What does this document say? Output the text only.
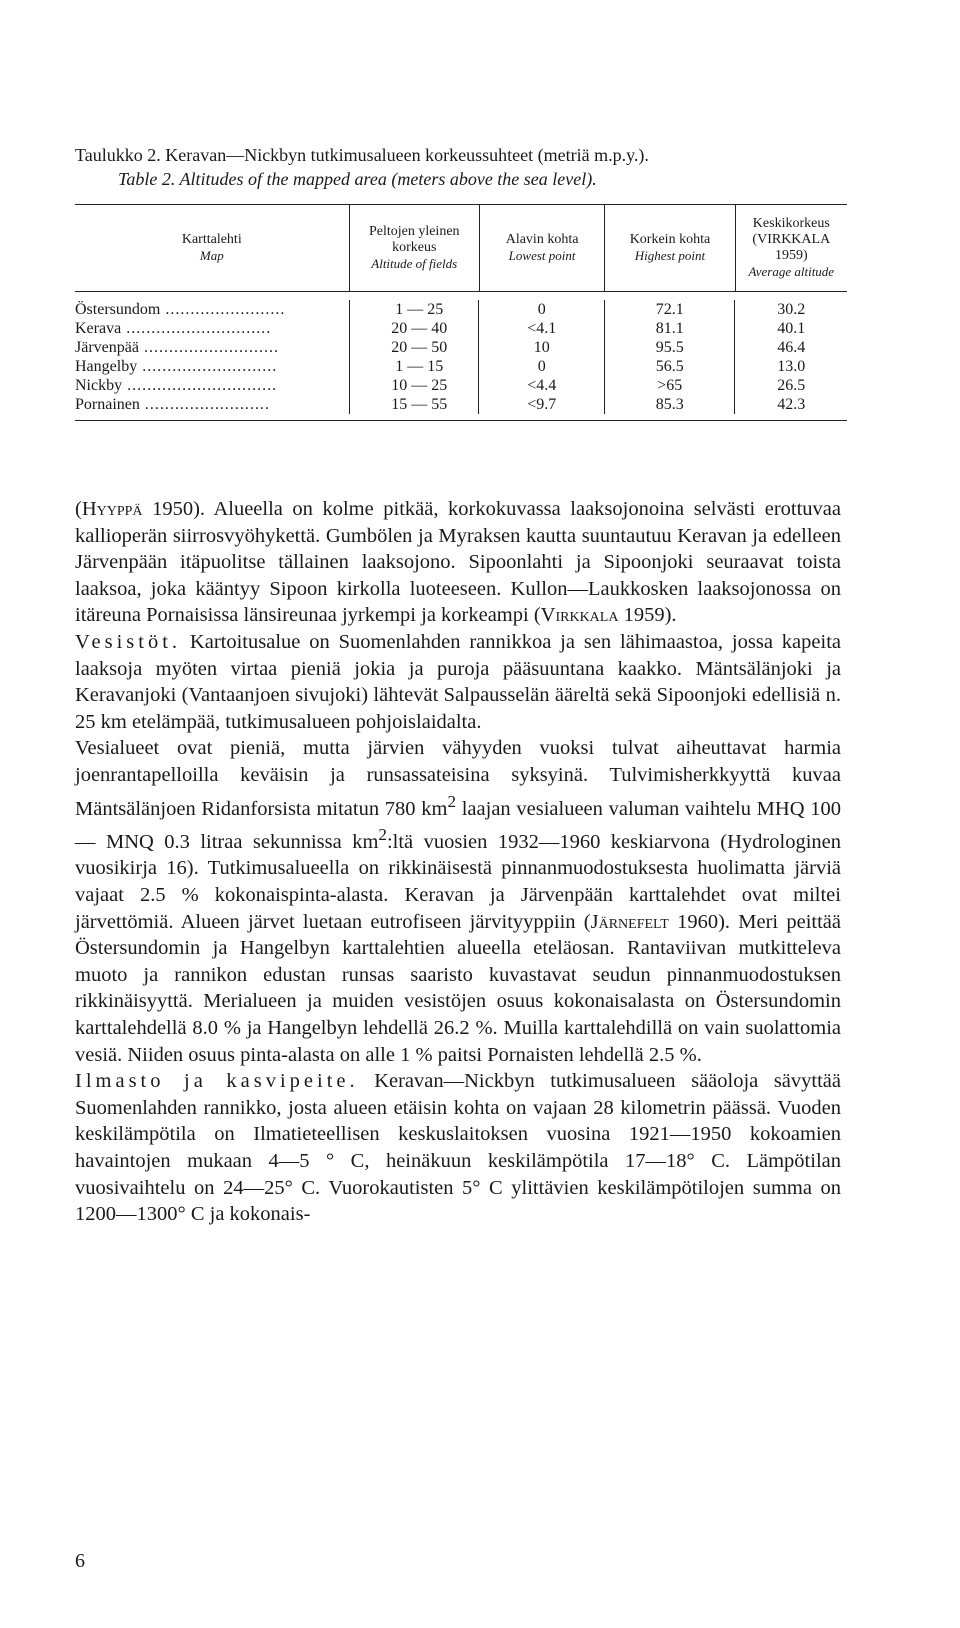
Taulukko 2. Keravan—Nickbyn tutkimusalueen korkeussuhteet (metriä m.p.y.).
Table 2. Altitudes of the mapped area (meters above the sea level).
Karttalehti
Map
Peltojen yleinen korkeus
Altitude of fields
Alavin kohta
Lowest point
Korkein kohta
Highest point
Keskikorkeus (VIRKKALA 1959)
Average altitude
Östersundom ........................
Kerava .............................
Järvenpää ...........................
Hangelby ...........................
Nickby ..............................
Pornainen .........................
1 — 25
20 — 40
20 — 50
1 — 15
10 — 25
15 — 55
0
<4.1
10
0
<4.4
<9.7
72.1
81.1
95.5
56.5
>65
85.3
30.2
40.1
46.4
13.0
26.5
42.3

(Hyyppä 1950). Alueella on kolme pitkää, korkokuvassa laaksojonoina selvästi erottuvaa kallioperän siirrosvyöhykettä. Gumbölen ja Myraksen kautta suuntautuu Keravan ja edelleen Järvenpään itäpuolitse tällainen laaksojono. Sipoonlahti ja Sipoonjoki seuraavat toista laaksoa, joka kääntyy Sipoon kirkolla luoteeseen. Kullon—Laukkosken laaksojonossa on itäreuna Pornaisissa länsireunaa jyrkempi ja korkeampi (Virkkala 1959).

Vesistöt. Kartoitusalue on Suomenlahden rannikkoa ja sen lähimaastoa, jossa kapeita laaksoja myöten virtaa pieniä jokia ja puroja pääsuuntana kaakko. Mäntsälänjoki ja Keravanjoki (Vantaanjoen sivujoki) lähtevät Salpausselän ääreltä sekä Sipoonjoki edellisiä n. 25 km etelämpää, tutkimusalueen pohjoislaidalta.

Vesialueet ovat pieniä, mutta järvien vähyyden vuoksi tulvat aiheuttavat harmia joenrantapelloilla keväisin ja runsassateisina syksyinä. Tulvimisherkkyyttä kuvaa Mäntsälänjoen Ridanforsista mitatun 780 $km^2$ laajan vesialueen valuman vaihtelu MHQ 100 — MNQ 0.3 litraa sekunnissa $km^2:ltä$ vuosien 1932—1960 keskiarvona (Hydrologinen vuosikirja 16). Tutkimusalueella on rikkinäisestä pinnanmuodostuksesta huolimatta järviä vajaat 2.5 % kokonaispinta-alasta. Keravan ja Järvenpään karttalehdet ovat miltei järvettömiä. Alueen järvet luetaan eutrofiseen järvityyppiin (Järnefelt 1960). Meri peittää Östersundomin ja Hangelbyn karttalehtien alueella eteläosan. Rantaviivan mutkitteleva muoto ja rannikon edustan runsas saaristo kuvastavat seudun pinnanmuodostuksen rikkinäisyyttä. Merialueen ja muiden vesistöjen osuus kokonaisalasta on Östersundomin karttalehdellä 8.0 % ja Hangelbyn lehdellä 26.2 %. Muilla karttalehdillä on vain suolattomia vesiä. Niiden osuus pinta-alasta on alle 1 % paitsi Pornaisten lehdellä 2.5 %.

Ilmasto ja kasvipeite. Keravan—Nickbyn tutkimusalueen sääoloja sävyttää Suomenlahden rannikko, josta alueen etäisin kohta on vajaan 28 kilometrin päässä. Vuoden keskilämpötila on Ilmatieteellisen keskuslaitoksen vuosina 1921—1950 kokoamien havaintojen mukaan 4—5 ° C, heinäkuun keskilämpötila 17—18° C. Lämpötilan vuosivaihtelu on 24—25° C. Vuorokautisten 5° C ylittävien keskilämpötilojen summa on 1200—1300° C ja kokonais-

6
